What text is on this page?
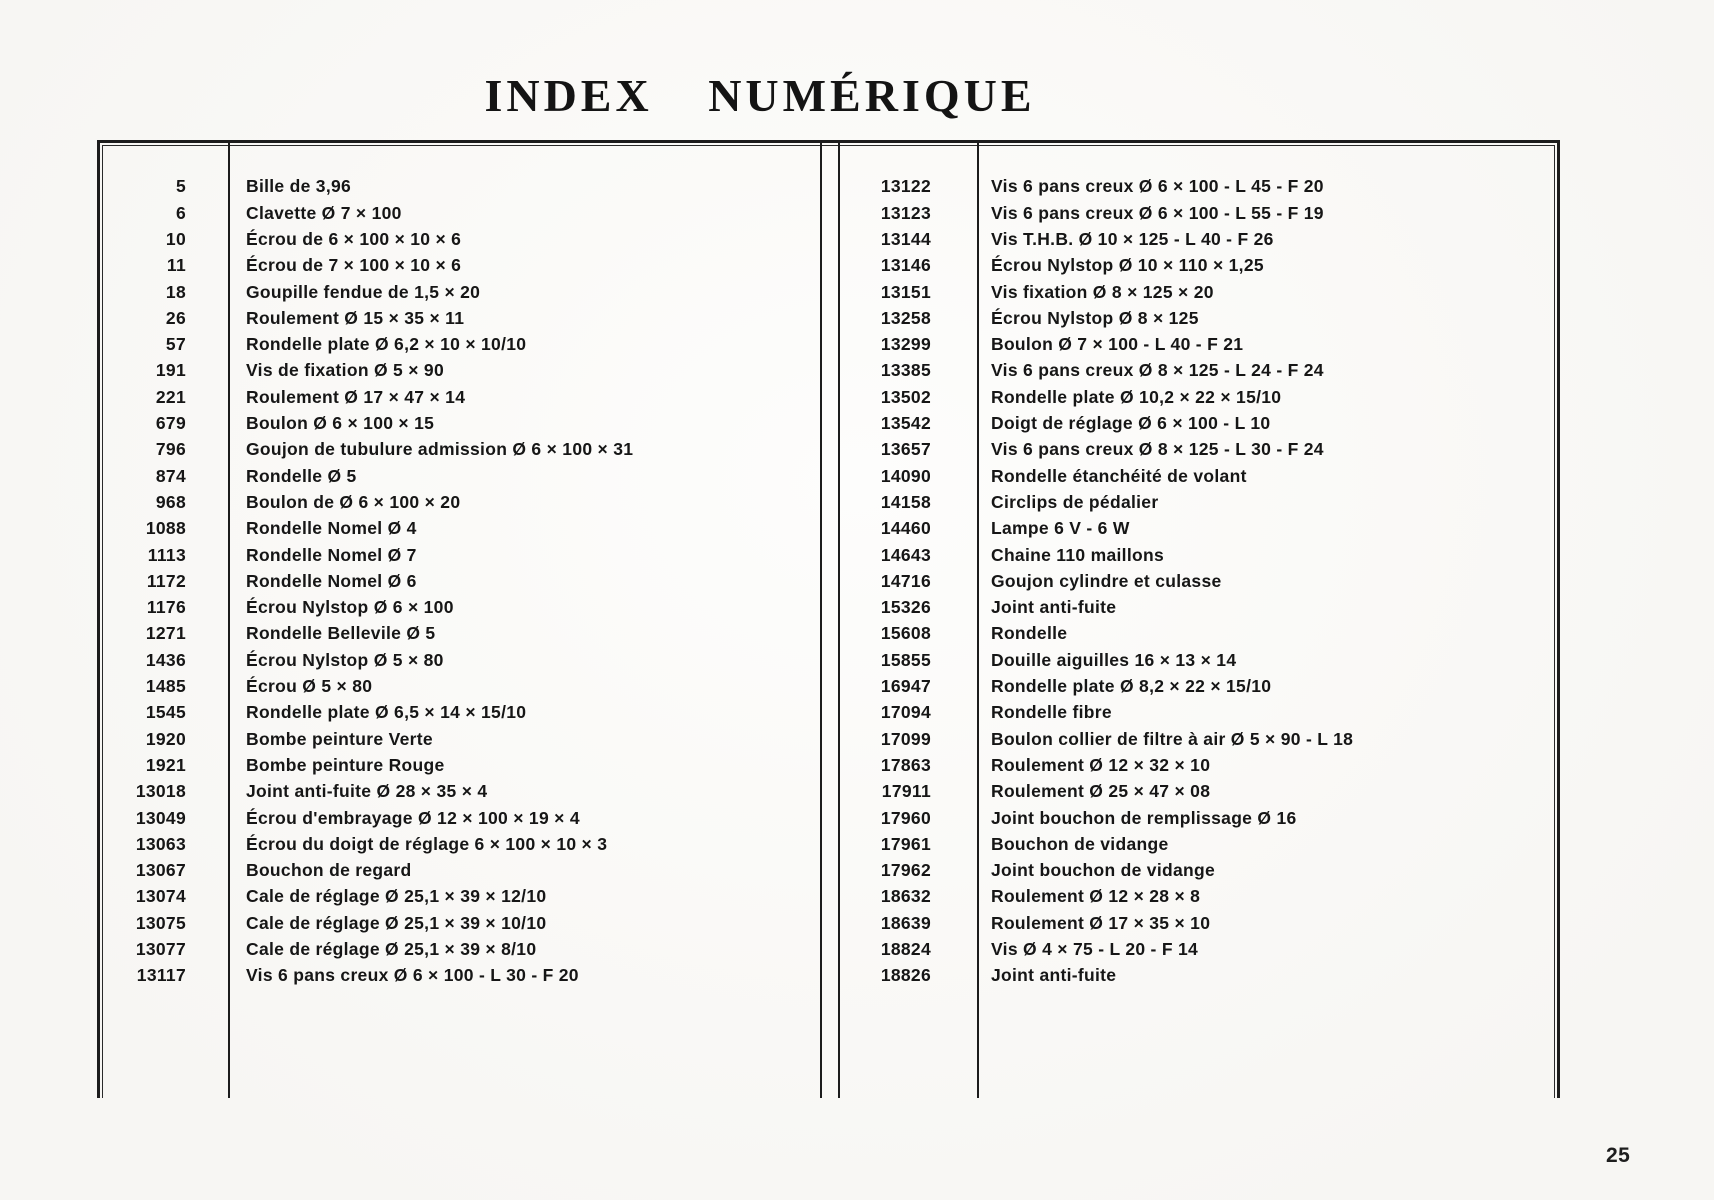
INDEX NUMÉRIQUE
5	Bille de 3,96
6	Clavette Ø 7 × 100
10	Écrou de 6 × 100 × 10 × 6
11	Écrou de 7 × 100 × 10 × 6
18	Goupille fendue de 1,5 × 20
26	Roulement Ø 15 × 35 × 11
57	Rondelle plate Ø 6,2 × 10 × 10/10
191	Vis de fixation Ø 5 × 90
221	Roulement Ø 17 × 47 × 14
679	Boulon Ø 6 × 100 × 15
796	Goujon de tubulure admission Ø 6 × 100 × 31
874	Rondelle Ø 5
968	Boulon de Ø 6 × 100 × 20
1088	Rondelle Nomel Ø 4
1113	Rondelle Nomel Ø 7
1172	Rondelle Nomel Ø 6
1176	Écrou Nylstop Ø 6 × 100
1271	Rondelle Bellevile Ø 5
1436	Écrou Nylstop Ø 5 × 80
1485	Écrou Ø 5 × 80
1545	Rondelle plate Ø 6,5 × 14 × 15/10
1920	Bombe peinture Verte
1921	Bombe peinture Rouge
13018	Joint anti-fuite Ø 28 × 35 × 4
13049	Écrou d'embrayage Ø 12 × 100 × 19 × 4
13063	Écrou du doigt de réglage 6 × 100 × 10 × 3
13067	Bouchon de regard
13074	Cale de réglage Ø 25,1 × 39 × 12/10
13075	Cale de réglage Ø 25,1 × 39 × 10/10
13077	Cale de réglage Ø 25,1 × 39 × 8/10
13117	Vis 6 pans creux Ø 6 × 100 - L 30 - F 20
13122	Vis 6 pans creux Ø 6 × 100 - L 45 - F 20
13123	Vis 6 pans creux Ø 6 × 100 - L 55 - F 19
13144	Vis T.H.B. Ø 10 × 125 - L 40 - F 26
13146	Écrou Nylstop Ø 10 × 110 × 1,25
13151	Vis fixation Ø 8 × 125 × 20
13258	Écrou Nylstop Ø 8 × 125
13299	Boulon Ø 7 × 100 - L 40 - F 21
13385	Vis 6 pans creux Ø 8 × 125 - L 24 - F 24
13502	Rondelle plate Ø 10,2 × 22 × 15/10
13542	Doigt de réglage Ø 6 × 100 - L 10
13657	Vis 6 pans creux Ø 8 × 125 - L 30 - F 24
14090	Rondelle étanchéité de volant
14158	Circlips de pédalier
14460	Lampe 6 V - 6 W
14643	Chaine 110 maillons
14716	Goujon cylindre et culasse
15326	Joint anti-fuite
15608	Rondelle
15855	Douille aiguilles 16 × 13 × 14
16947	Rondelle plate Ø 8,2 × 22 × 15/10
17094	Rondelle fibre
17099	Boulon collier de filtre à air Ø 5 × 90 - L 18
17863	Roulement Ø 12 × 32 × 10
17911	Roulement Ø 25 × 47 × 08
17960	Joint bouchon de remplissage Ø 16
17961	Bouchon de vidange
17962	Joint bouchon de vidange
18632	Roulement Ø 12 × 28 × 8
18639	Roulement Ø 17 × 35 × 10
18824	Vis Ø 4 × 75 - L 20 - F 14
18826	Joint anti-fuite
25
